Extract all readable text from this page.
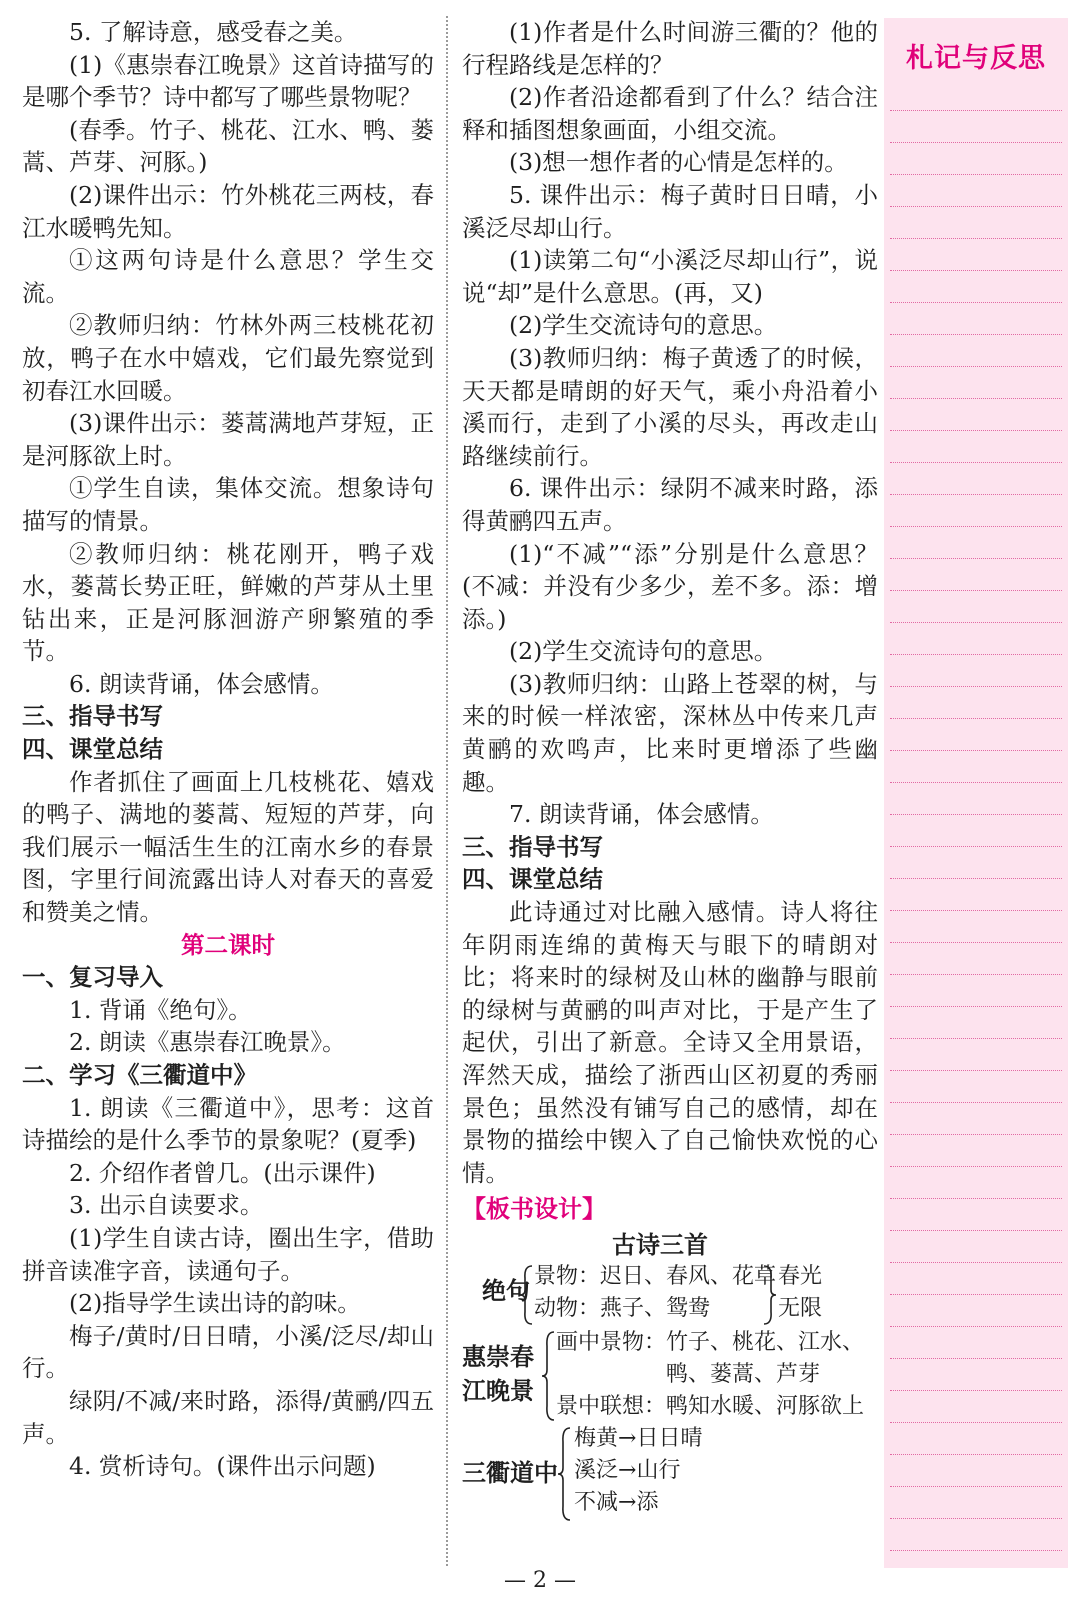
5. 了解诗意，感受春之美。

(1)《惠崇春江晚景》这首诗描写的是哪个季节？诗中都写了哪些景物呢？

(春季。竹子、桃花、江水、鸭、蒌蒿、芦芽、河豚。)

(2)课件出示：竹外桃花三两枝，春江水暖鸭先知。

①这两句诗是什么意思？学生交流。

②教师归纳：竹林外两三枝桃花初放，鸭子在水中嬉戏，它们最先察觉到初春江水回暖。

(3)课件出示：蒌蒿满地芦芽短，正是河豚欲上时。

①学生自读，集体交流。想象诗句描写的情景。

②教师归纳：桃花刚开，鸭子戏水，蒌蒿长势正旺，鲜嫩的芦芽从土里钻出来，正是河豚洄游产卵繁殖的季节。

6. 朗读背诵，体会感情。

三、指导书写

四、课堂总结

作者抓住了画面上几枝桃花、嬉戏的鸭子、满地的蒌蒿、短短的芦芽，向我们展示一幅活生生的江南水乡的春景图，字里行间流露出诗人对春天的喜爱和赞美之情。

第二课时

一、复习导入

1. 背诵《绝句》。

2. 朗读《惠崇春江晚景》。

二、学习《三衢道中》

1. 朗读《三衢道中》，思考：这首诗描绘的是什么季节的景象呢？(夏季)

2. 介绍作者曾几。(出示课件)

3. 出示自读要求。

(1)学生自读古诗，圈出生字，借助拼音读准字音，读通句子。

(2)指导学生读出诗的韵味。

梅子/黄时/日日晴，小溪/泛尽/却山行。

绿阴/不减/来时路，添得/黄鹂/四五声。

4. 赏析诗句。(课件出示问题)

(1)作者是什么时间游三衢的？他的行程路线是怎样的？

(2)作者沿途都看到了什么？结合注释和插图想象画面，小组交流。

(3)想一想作者的心情是怎样的。

5. 课件出示：梅子黄时日日晴，小溪泛尽却山行。

(1)读第二句“小溪泛尽却山行”，说说“却”是什么意思。(再，又)

(2)学生交流诗句的意思。

(3)教师归纳：梅子黄透了的时候，天天都是晴朗的好天气，乘小舟沿着小溪而行，走到了小溪的尽头，再改走山路继续前行。

6. 课件出示：绿阴不减来时路，添得黄鹂四五声。

(1)“不减”“添”分别是什么意思？(不减：并没有少多少，差不多。添：增添。)

(2)学生交流诗句的意思。

(3)教师归纳：山路上苍翠的树，与来的时候一样浓密，深林丛中传来几声黄鹂的欢鸣声，比来时更增添了些幽趣。

7. 朗读背诵，体会感情。

三、指导书写

四、课堂总结

此诗通过对比融入感情。诗人将往年阴雨连绵的黄梅天与眼下的晴朗对比；将来时的绿树及山林的幽静与眼前的绿树与黄鹂的叫声对比，于是产生了起伏，引出了新意。全诗又全用景语，浑然天成，描绘了浙西山区初夏的秀丽景色；虽然没有铺写自己的感情，却在景物的描绘中锲入了自己愉快欢悦的心情。

【板书设计】

古诗三首
绝句
景物：迟日、春风、花草
动物：燕子、鸳鸯
春光
无限
惠崇春
江晚景
画中景物：竹子、桃花、江水、
鸭、蒌蒿、芦芽
景中联想：鸭知水暖、河豚欲上
三衢道中
梅黄→日日晴
溪泛→山行
不减→添
札记与反思
— 2 —
